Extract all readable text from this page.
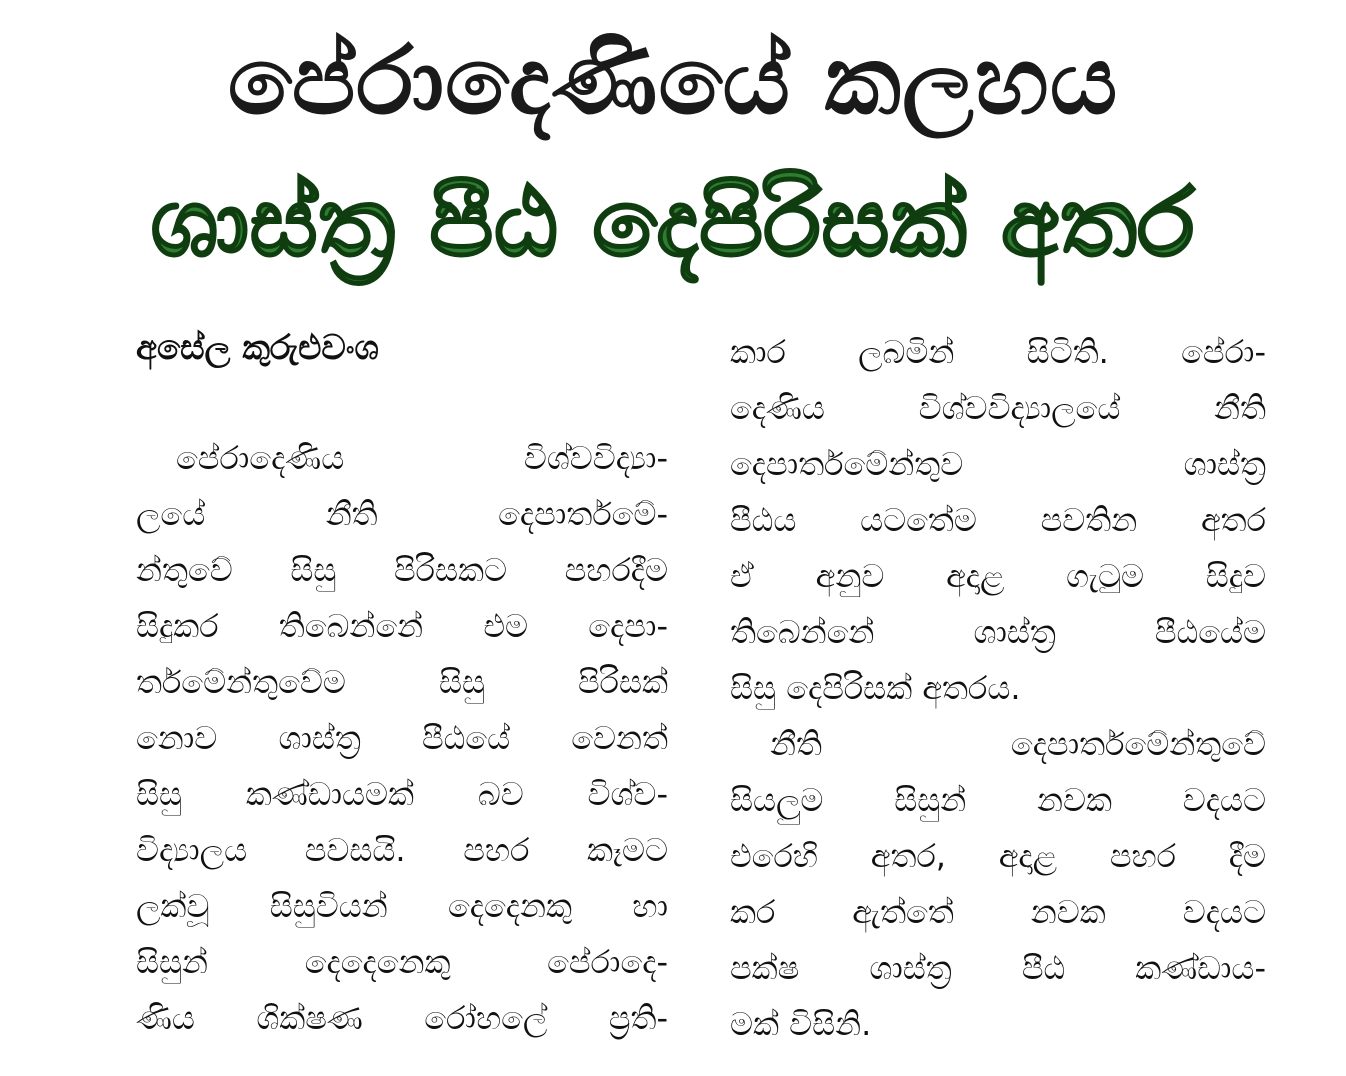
පේරාදෙණියේ කලහය
ශාස්ත්‍ර පීඨ දෙපිරිසක් අතර
අසේල කුරුළුවංශ
පේරාදෙණිය විශ්වවිද්‍යා-
ලයේ නීති දෙපාර්තමේ-
න්තුවේ සිසු පිරිසකට පහරදීම
සිදුකර තිබෙන්නේ එම දෙපා-
ර්තමේන්තුවේම සිසු පිරිසක්
නොව ශාස්ත්‍ර පීඨයේ වෙනත්
සිසු කණ්ඩායමක් බව විශ්ව-
විද්‍යාලය පවසයි. පහර කෑමට
ලක්වූ සිසුවියන් දෙදෙනකු හා
සිසුන් දෙදෙනෙකු පේරාදෙ-
ණිය ශික්ෂණ රෝහලේ ප්‍රති-
කාර ලබමින් සිටිති. පේරා-
දෙණිය විශ්වවිද්‍යාලයේ නීති
දෙපාර්තමේන්තුව ශාස්ත්‍ර
පීඨය යටතේම පවතින අතර
ඒ අනුව අදාළ ගැටුම සිදුව
තිබෙන්නේ ශාස්ත්‍ර පීඨයේම
සිසු දෙපිරිසක් අතරය.
නීති දෙපාර්තමේන්තුවේ
සියලුම සිසුන් නවක වදයට
එරෙහි අතර, අදාළ පහර දීම
කර ඇත්තේ නවක වදයට
පක්ෂ ශාස්ත්‍ර පීඨ කණ්ඩාය-
මක් විසිනි.
